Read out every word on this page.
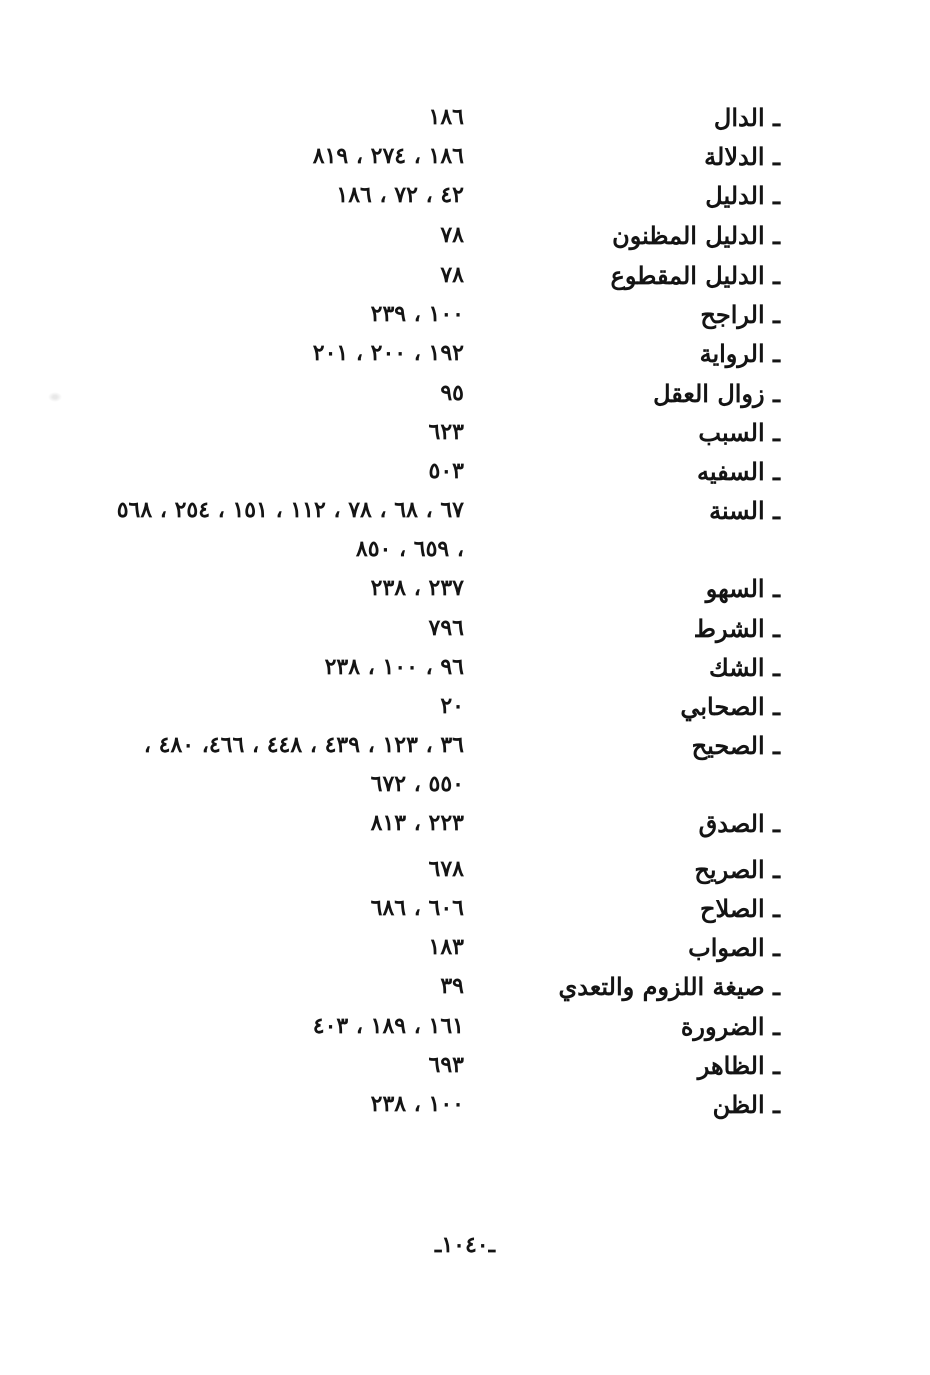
ـ الدال
١٨٦
ـ الدلالة
١٨٦ ، ٢٧٤ ، ٨١٩
ـ الدليل
٤٢ ، ٧٢ ، ١٨٦
ـ الدليل المظنون
٧٨
ـ الدليل المقطوع
٧٨
ـ الراجح
١٠٠ ، ٢٣٩
ـ الرواية
١٩٢ ، ٢٠٠ ، ٢٠١
ـ زوال العقل
٩٥
ـ السبب
٦٢٣
ـ السفيه
٥٠٣
ـ السنة
٦٧ ، ٦٨ ، ٧٨ ، ١١٢ ، ١٥١ ، ٢٥٤ ، ٥٦٨ ، ٦٥٩ ، ٨٥٠
ـ السهو
٢٣٧ ، ٢٣٨
ـ الشرط
٧٩٦
ـ الشك
٩٦ ، ١٠٠ ، ٢٣٨
ـ الصحابي
٢٠
ـ الصحيح
٣٦ ، ١٢٣ ، ٤٣٩ ، ٤٤٨ ، ٤٦٦، ٤٨٠ ، ٥٥٠ ، ٦٧٢
ـ الصدق
٢٢٣ ، ٨١٣
ـ الصريح
٦٧٨
ـ الصلاح
٦٠٦ ، ٦٨٦
ـ الصواب
١٨٣
ـ صيغة اللزوم والتعدي
٣٩
ـ الضرورة
١٦١ ، ١٨٩ ، ٤٠٣
ـ الظاهر
٦٩٣
ـ الظن
١٠٠ ، ٢٣٨
ـ١٠٤٠ـ
